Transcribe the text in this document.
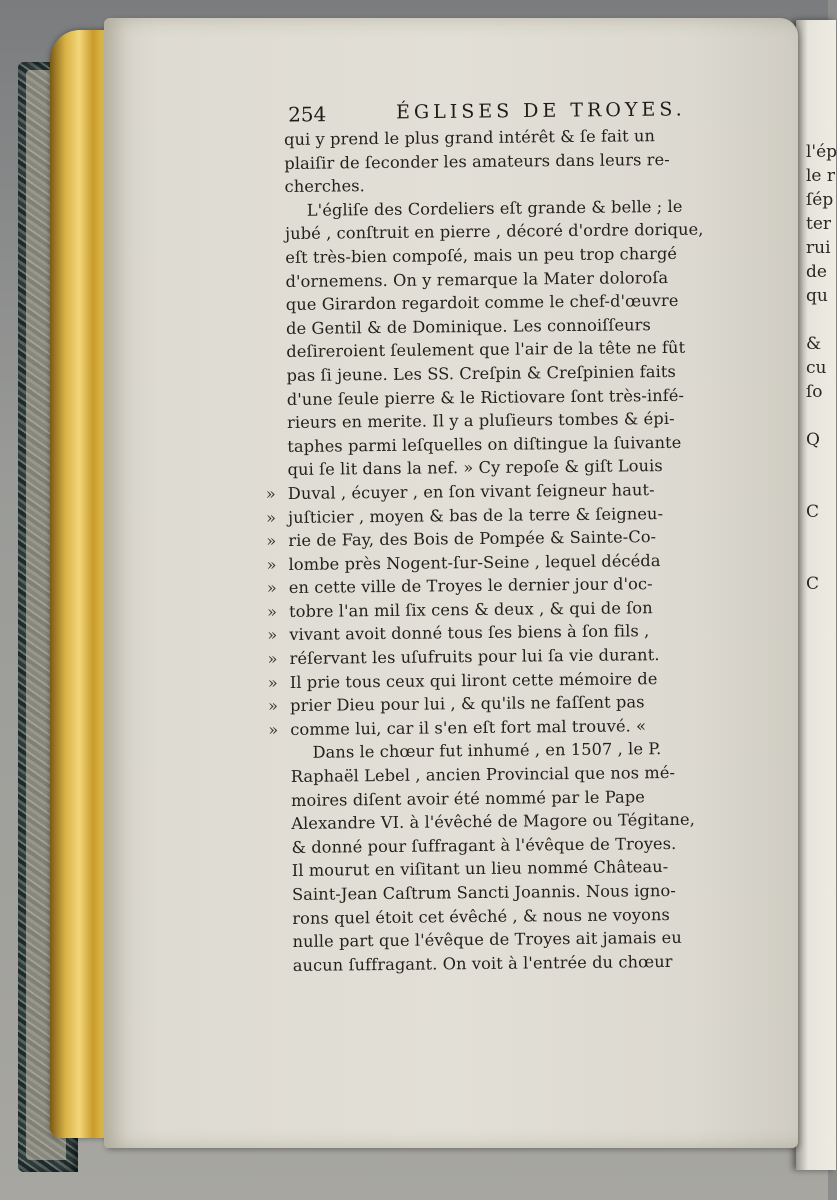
l'ép
le r
ſép
ter
rui
de
qu

&
cu
ſo

Q

C

C
254	ÉGLISES DE TROYES.
qui y prend le plus grand intérêt & ſe fait un
plaiſir de ſeconder les amateurs dans leurs re-
cherches.
L'égliſe des Cordeliers eſt grande & belle ; le
jubé , conſtruit en pierre , décoré d'ordre dorique,
eſt très-bien compoſé, mais un peu trop chargé
d'ornemens. On y remarque la Mater doloroſa
que Girardon regardoit comme le chef-d'œuvre
de Gentil & de Dominique. Les connoiſſeurs
deſireroient ſeulement que l'air de la tête ne fût
pas ſi jeune. Les SS. Creſpin & Creſpinien faits
d'une ſeule pierre & le Rictiovare ſont très-infé-
rieurs en merite. Il y a pluſieurs tombes & épi-
taphes parmi leſquelles on diſtingue la ſuivante
qui ſe lit dans la nef. » Cy repoſe & giſt Louis
» Duval , écuyer , en ſon vivant ſeigneur haut-
» juſticier , moyen & bas de la terre & ſeigneu-
» rie de Fay, des Bois de Pompée & Sainte-Co-
» lombe près Nogent-ſur-Seine , lequel décéda
» en cette ville de Troyes le dernier jour d'oc-
» tobre l'an mil ſix cens & deux , & qui de ſon
» vivant avoit donné tous ſes biens à ſon fils ,
» réſervant les uſufruits pour lui ſa vie durant.
» Il prie tous ceux qui liront cette mémoire de
» prier Dieu pour lui , & qu'ils ne faſſent pas
» comme lui, car il s'en eſt fort mal trouvé. «
Dans le chœur fut inhumé , en 1507 , le P.
Raphaël Lebel , ancien Provincial que nos mé-
moires diſent avoir été nommé par le Pape
Alexandre VI. à l'évêché de Magore ou Tégitane,
& donné pour ſuffragant à l'évêque de Troyes.
Il mourut en viſitant un lieu nommé Château-
Saint-Jean Caſtrum Sancti Joannis. Nous igno-
rons quel étoit cet évêché , & nous ne voyons
nulle part que l'évêque de Troyes ait jamais eu
aucun ſuffragant. On voit à l'entrée du chœur
